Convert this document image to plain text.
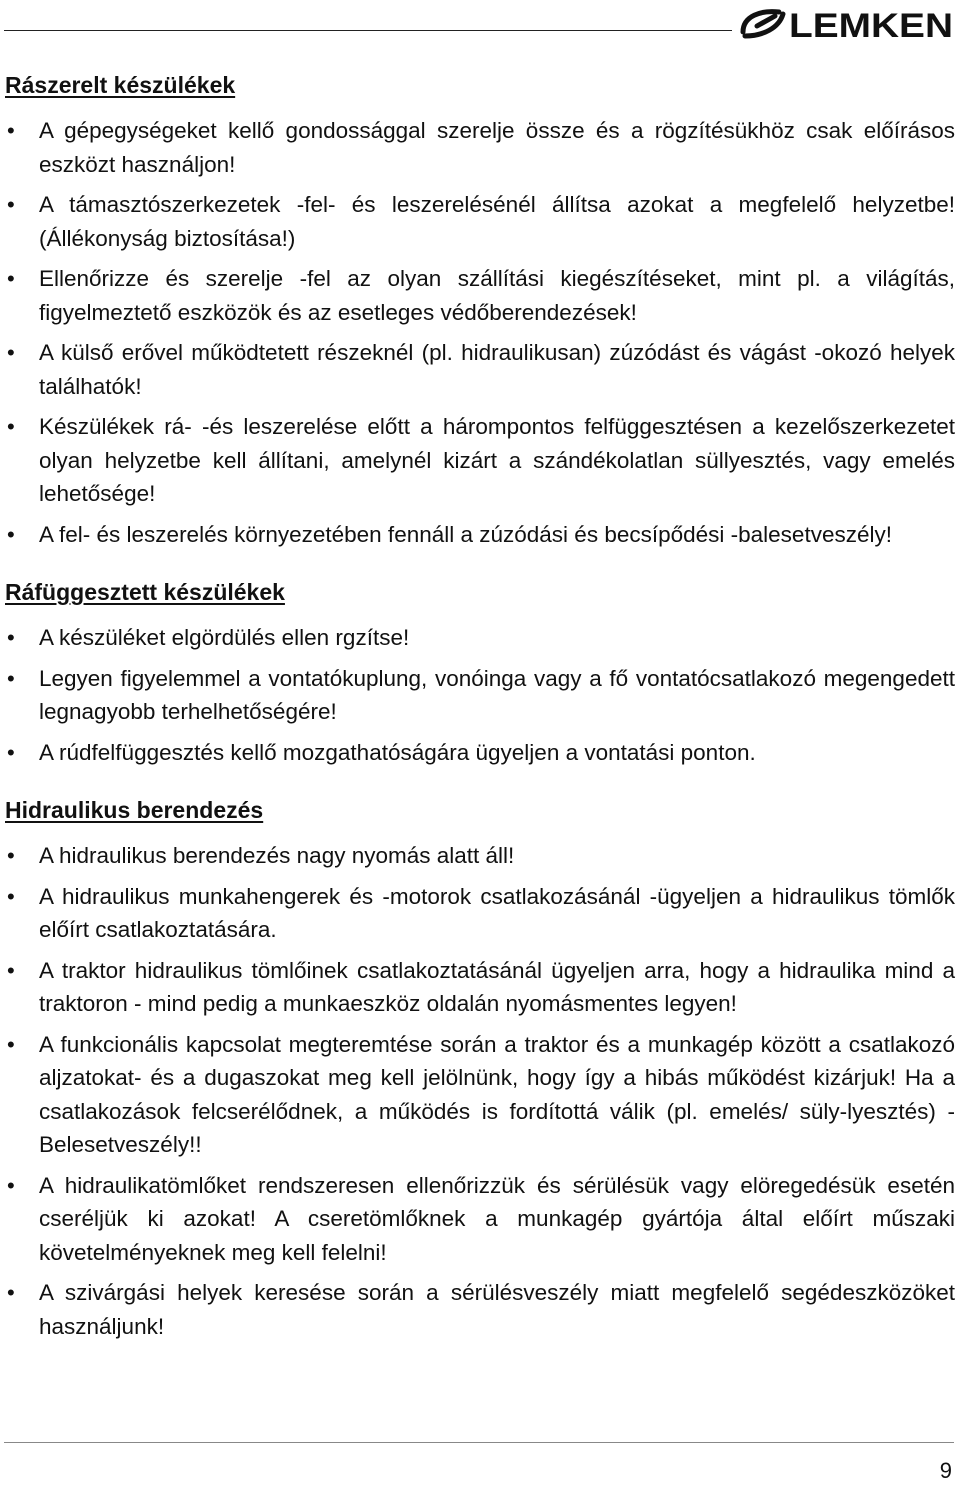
LEMKEN
Rászerelt készülékek
• A gépegységeket kellő gondossággal szerelje össze és a rögzítésükhöz csak előírásos eszközt használjon!
• A támasztószerkezetek -fel- és leszerelésénél állítsa azokat a megfelelő helyzetbe! (Állékonyság biztosítása!)
• Ellenőrizze és szerelje -fel az olyan szállítási kiegészítéseket, mint pl. a világítás, figyelmeztető eszközök és az esetleges védőberendezések!
• A külső erővel működtetett részeknél (pl. hidraulikusan) zúzódást és vágást -okozó helyek találhatók!
• Készülékek rá- -és leszerelése előtt a hárompontos felfüggesztésen a kezelőszerkezetet olyan helyzetbe kell állítani, amelynél kizárt a szándékolatlan süllyesztés, vagy emelés lehetősége!
• A fel- és leszerelés környezetében fennáll a zúzódási és becsípődési -balesetveszély!
Ráfüggesztett készülékek
• A készüléket elgördülés ellen rgzítse!
• Legyen figyelemmel a vontatókuplung, vonóinga vagy a fő vontatócsatlakozó megengedett legnagyobb terhelhetőségére!
• A rúdfelfüggesztés kellő mozgathatóságára ügyeljen a vontatási ponton.
Hidraulikus berendezés
• A hidraulikus berendezés nagy nyomás alatt áll!
• A hidraulikus munkahengerek és -motorok csatlakozásánál -ügyeljen a hidraulikus tömlők előírt csatlakoztatására.
• A traktor hidraulikus tömlőinek csatlakoztatásánál ügyeljen arra, hogy a hidraulika mind a traktoron - mind pedig a munkaeszköz oldalán nyomásmentes legyen!
• A funkcionális kapcsolat megteremtése során a traktor és a munkagép között a csatlakozó aljzatokat- és a dugaszokat meg kell jelölnünk, hogy így a hibás működést kizárjuk! Ha a csatlakozások felcserélődnek, a működés is fordítottá válik (pl. emelés/ süly-lyesztés) - Belesetveszély!!
• A hidraulikatömlőket rendszeresen ellenőrizzük és sérülésük vagy elöregedésük esetén cseréljük ki azokat! A cseretömlőknek a munkagép gyártója által előírt műszaki követelményeknek meg kell felelni!
• A szivárgási helyek keresése során a sérülésveszély miatt megfelelő segédeszközöket használjunk!
9
